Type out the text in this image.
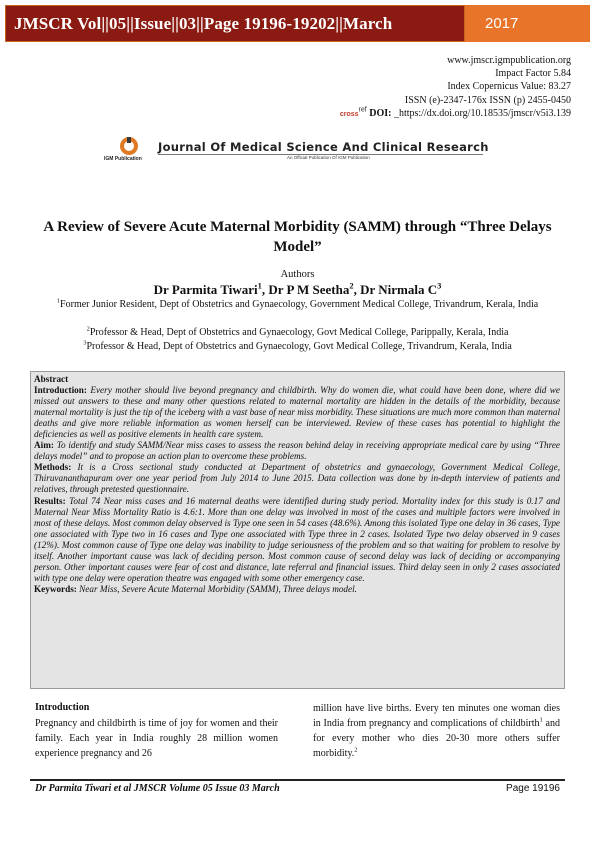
JMSCR Vol||05||Issue||03||Page 19196-19202||March	2017
www.jmscr.igmpublication.org
Impact Factor 5.84
Index Copernicus Value: 83.27
ISSN (e)-2347-176x ISSN (p) 2455-0450
cross$^{ref}$ DOI: _https://dx.doi.org/10.18535/jmscr/v5i3.139
IGM Publication
Journal Of Medical Science And Clinical Research
An Official Publication Of IGM Publication
A Review of Severe Acute Maternal Morbidity (SAMM) through “Three Delays Model”
Authors
Dr Parmita Tiwari$^1$, Dr P M Seetha$^2$, Dr Nirmala $C^3$
$^1$Former Junior Resident, Dept of Obstetrics and Gynaecology, Government Medical College, Trivandrum, Kerala, India
$^2$Professor & Head, Dept of Obstetrics and Gynaecology, Govt Medical College, Parippally, Kerala, India
$^3$Professor & Head, Dept of Obstetrics and Gynaecology, Govt Medical College, Trivandrum, Kerala, India

Abstract

Introduction: Every mother should live beyond pregnancy and childbirth. Why do women die, what could have been done, where did we missed out answers to these and many other questions related to maternal mortality are hidden in the details of the morbidity, because maternal mortality is just the tip of the iceberg with a vast base of near miss morbidity. These situations are much more common than maternal deaths and give more reliable information as women herself can be interviewed. Review of these cases has potential to highlight the deficiencies as well as positive elements in health care system.

Aim: To identify and study SAMM/Near miss cases to assess the reason behind delay in receiving appropriate medical care by using “Three delays model” and to propose an action plan to overcome these problems.

Methods: It is a Cross sectional study conducted at Department of obstetrics and gynaecology, Government Medical College, Thiruvananthapuram over one year period from July 2014 to June 2015. Data collection was done by in-depth interview of patients and relatives, through pretested questionnaire.

Results: Total 74 Near miss cases and 16 maternal deaths were identified during study period. Mortality index for this study is 0.17 and Maternal Near Miss Mortality Ratio is 4.6:1. More than one delay was involved in most of the cases and multiple factors were involved in most of these delays. Most common delay observed is Type one seen in 54 cases (48.6%). Among this isolated Type one delay in 36 cases, Type one associated with Type two in 16 cases and Type one associated with Type three in 2 cases. Isolated Type two delay observed in 9 cases (12%). Most common cause of Type one delay was inability to judge seriousness of the problem and so that waiting for problem to resolve by itself. Another important cause was lack of deciding person. Most common cause of second delay was lack of deciding or accompanying person. Other important causes were fear of cost and distance, late referral and financial issues. Third delay seen in only 2 cases associated with type one delay were operation theatre was engaged with some other emergency case.

Keywords: Near Miss, Severe Acute Maternal Morbidity (SAMM), Three delays model.

Introduction
Pregnancy and childbirth is time of joy for women and their family. Each year in India roughly 28 million women experience pregnancy and 26
million have live births. Every ten minutes one woman dies in India from pregnancy and complications of childbirth$^1$ and for every mother who dies 20-30 more others suffer morbidity.$^2$
Dr Parmita Tiwari et al JMSCR Volume 05 Issue 03 March	Page 19196
